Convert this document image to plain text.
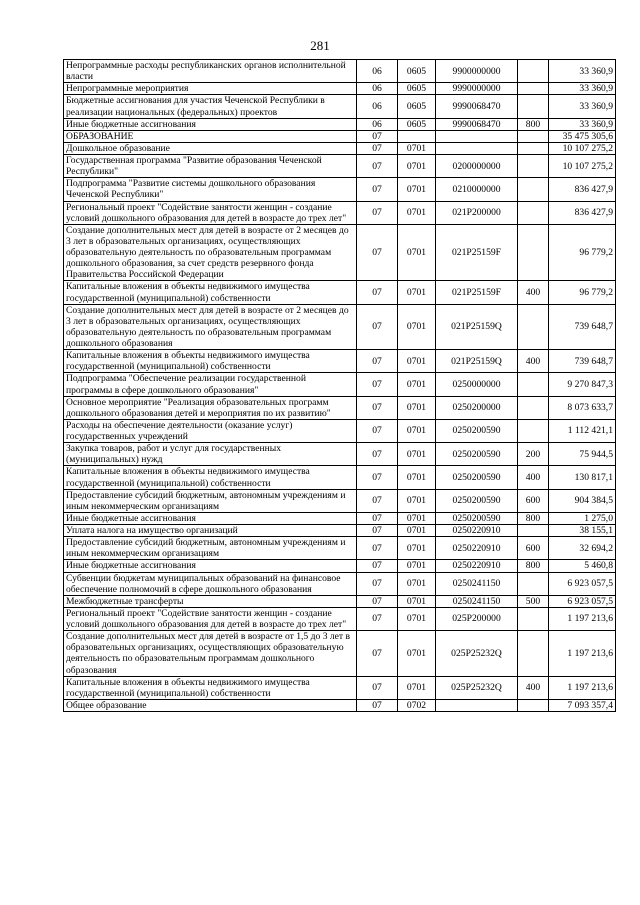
281
Непрограммные расходы республиканских органов исполнительной власти	06	0605	9900000000		33 360,9
Непрограммные мероприятия	06	0605	9990000000		33 360,9
Бюджетные ассигнования для участия Чеченской Республики в реализации национальных (федеральных) проектов	06	0605	9990068470		33 360,9
Иные бюджетные ассигнования	06	0605	9990068470	800	33 360,9
ОБРАЗОВАНИЕ	07				35 475 305,6
Дошкольное образование	07	0701			10 107 275,2
Государственная программа "Развитие образования Чеченской Республики"	07	0701	0200000000		10 107 275,2
Подпрограмма "Развитие системы дошкольного образования Чеченской Республики"	07	0701	0210000000		836 427,9
Региональный проект "Содействие занятости женщин - создание условий дошкольного образования для детей в возрасте до трех лет"	07	0701	021P200000		836 427,9
Создание дополнительных мест для детей в возрасте от 2 месяцев до 3 лет в образовательных организациях, осуществляющих образовательную деятельность по образовательным программам дошкольного образования, за счет средств резервного фонда Правительства Российской Федерации	07	0701	021P25159F		96 779,2
Капитальные вложения в объекты недвижимого имущества государственной (муниципальной) собственности	07	0701	021P25159F	400	96 779,2
Создание дополнительных мест для детей в возрасте от 2 месяцев до 3 лет в образовательных организациях, осуществляющих образовательную деятельность по образовательным программам дошкольного образования	07	0701	021P25159Q		739 648,7
Капитальные вложения в объекты недвижимого имущества государственной (муниципальной) собственности	07	0701	021P25159Q	400	739 648,7
Подпрограмма "Обеспечение реализации государственной программы в сфере дошкольного образования"	07	0701	0250000000		9 270 847,3
Основное мероприятие "Реализация образовательных программ дошкольного образования детей и мероприятия по их развитию"	07	0701	0250200000		8 073 633,7
Расходы на обеспечение деятельности (оказание услуг) государственных учреждений	07	0701	0250200590		1 112 421,1
Закупка товаров, работ и услуг для государственных (муниципальных) нужд	07	0701	0250200590	200	75 944,5
Капитальные вложения в объекты недвижимого имущества государственной (муниципальной) собственности	07	0701	0250200590	400	130 817,1
Предоставление субсидий бюджетным, автономным учреждениям и иным некоммерческим организациям	07	0701	0250200590	600	904 384,5
Иные бюджетные ассигнования	07	0701	0250200590	800	1 275,0
Уплата налога на имущество организаций	07	0701	0250220910		38 155,1
Предоставление субсидий бюджетным, автономным учреждениям и иным некоммерческим организациям	07	0701	0250220910	600	32 694,2
Иные бюджетные ассигнования	07	0701	0250220910	800	5 460,8
Субвенции бюджетам муниципальных образований на финансовое обеспечение полномочий в сфере дошкольного образования	07	0701	0250241150		6 923 057,5
Межбюджетные трансферты	07	0701	0250241150	500	6 923 057,5
Региональный проект "Содействие занятости женщин - создание условий дошкольного образования для детей в возрасте до трех лет"	07	0701	025P200000		1 197 213,6
Создание дополнительных мест для детей в возрасте от 1,5 до 3 лет в образовательных организациях, осуществляющих образовательную деятельность по образовательным программам дошкольного образования	07	0701	025P25232Q		1 197 213,6
Капитальные вложения в объекты недвижимого имущества государственной (муниципальной) собственности	07	0701	025P25232Q	400	1 197 213,6
Общее образование	07	0702			7 093 357,4
